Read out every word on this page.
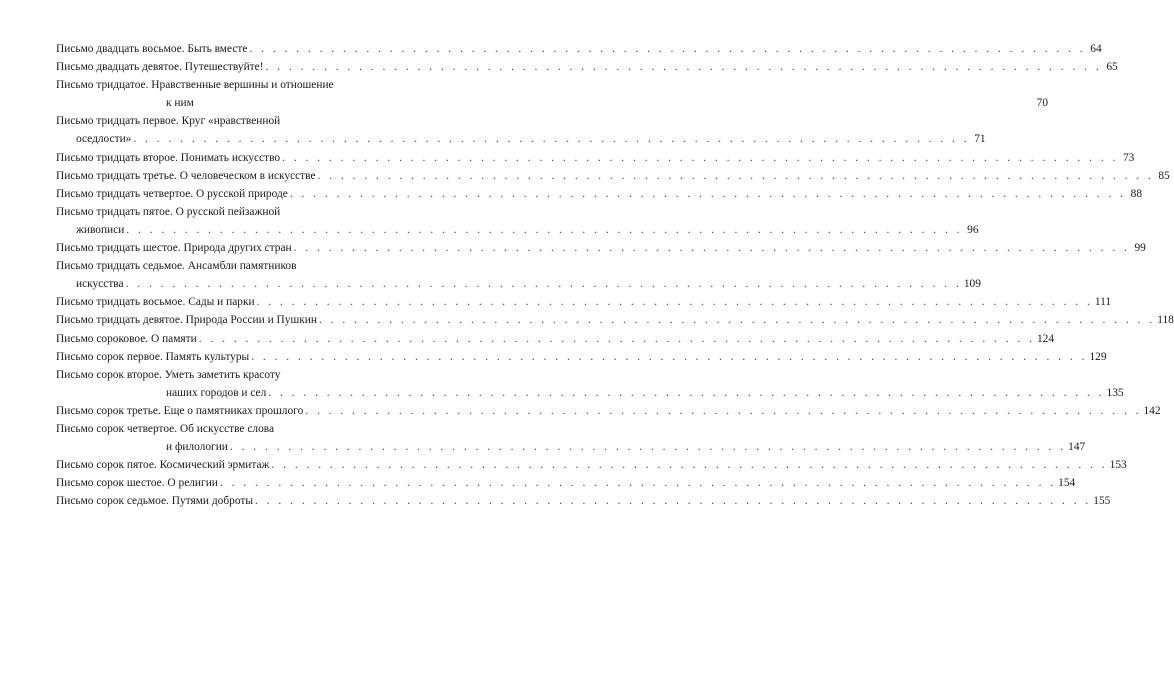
Письмо двадцать восьмое. Быть вместе . . .	64
Письмо двадцать девятое. Путешествуйте! . . .	65
Письмо тридцатое. Нравственные вершины и отношение
к ним	70
Письмо тридцать первое. Круг «нравственной
оседлости» . . .	71
Письмо тридцать второе. Понимать искусство . . .	73
Письмо тридцать третье. О человеческом в искусстве . . .	85
Письмо тридцать четвертое. О русской природе . . .	88
Письмо тридцать пятое. О русской пейзажной
живописи . . .	96
Письмо тридцать шестое. Природа других стран . . .	99
Письмо тридцать седьмое. Ансамбли памятников
искусства . . .	109
Письмо тридцать восьмое. Сады и парки . . .	111
Письмо тридцать девятое. Природа России и Пушкин . . .	118
Письмо сороковое. О памяти . . .	124
Письмо сорок первое. Память культуры . . .	129
Письмо сорок второе. Уметь заметить красоту
наших городов и сел . . .	135
Письмо сорок третье. Еще о памятниках прошлого . . .	142
Письмо сорок четвертое. Об искусстве слова
и филологии . . .	147
Письмо сорок пятое. Космический эрмитаж . . .	153
Письмо сорок шестое. О религии . . .	154
Письмо сорок седьмое. Путями доброты . . .	155
